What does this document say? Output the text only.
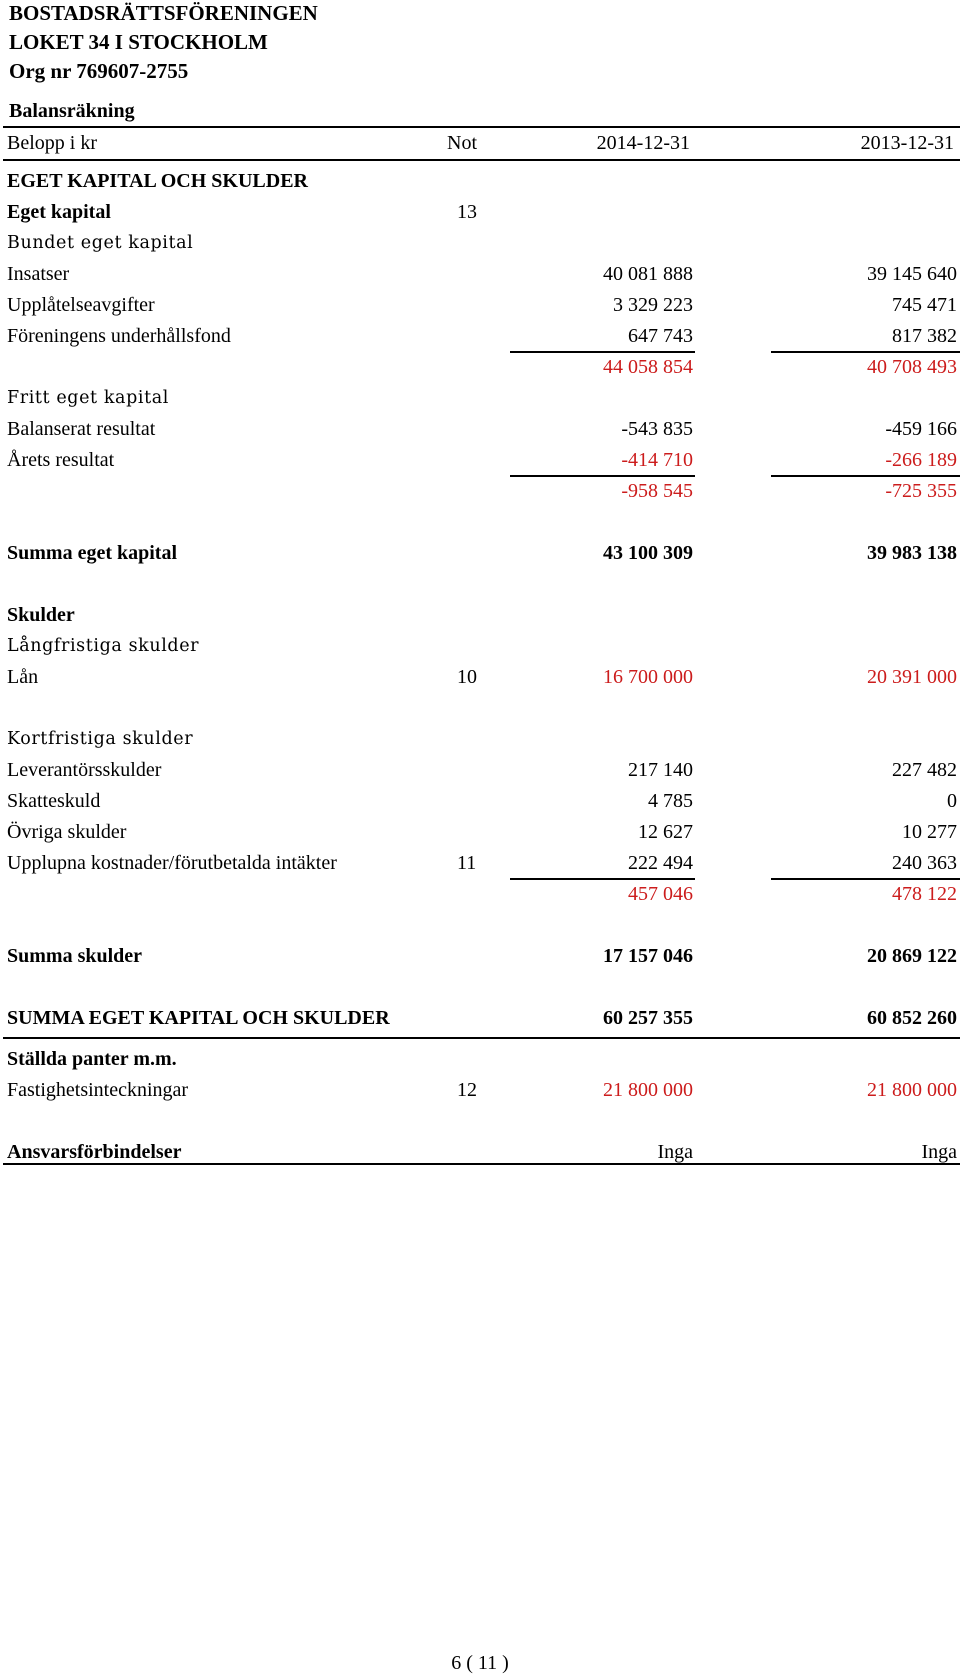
BOSTADSRÄTTSFÖRENINGEN
LOKET 34 I STOCKHOLM
Org nr 769607-2755
Balansräkning
Belopp i kr	Not	2014-12-31	2013-12-31
EGET KAPITAL OCH SKULDER
Eget kapital	13
Bundet eget kapital
Insatser	40 081 888	39 145 640
Upplåtelseavgifter	3 329 223	745 471
Föreningens underhållsfond	647 743	817 382
44 058 854	40 708 493
Fritt eget kapital
Balanserat resultat	-543 835	-459 166
Årets resultat	-414 710	-266 189
-958 545	-725 355
Summa eget kapital	43 100 309	39 983 138
Skulder
Långfristiga skulder
Lån	10	16 700 000	20 391 000
Kortfristiga skulder
Leverantörsskulder	217 140	227 482
Skatteskuld	4 785	0
Övriga skulder	12 627	10 277
Upplupna kostnader/förutbetalda intäkter	11	222 494	240 363
457 046	478 122
Summa skulder	17 157 046	20 869 122
SUMMA EGET KAPITAL OCH SKULDER	60 257 355	60 852 260
Ställda panter m.m.
Fastighetsinteckningar	12	21 800 000	21 800 000
Ansvarsförbindelser	Inga	Inga
6 ( 11 )
